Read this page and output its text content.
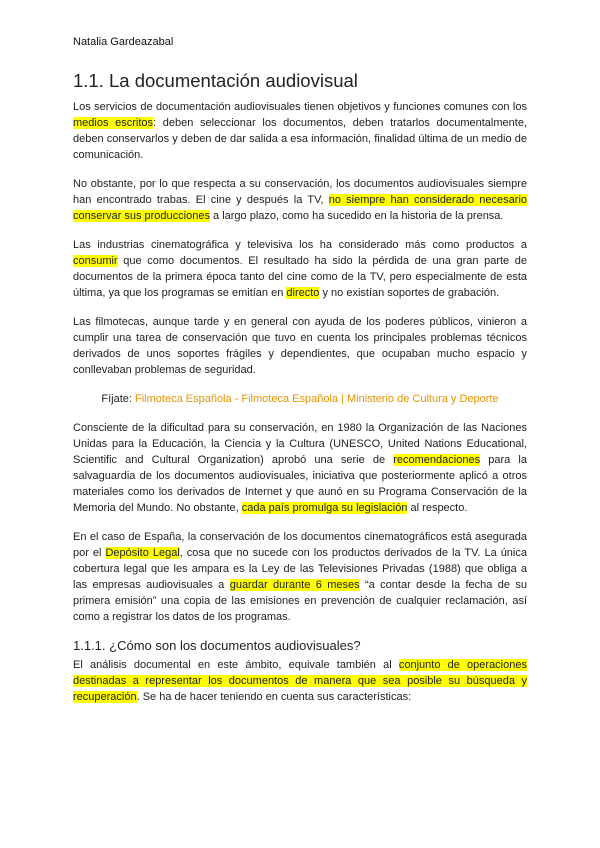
Natalia Gardeazabal
1.1. La documentación audiovisual

Los servicios de documentación audiovisuales tienen objetivos y funciones comunes con los medios escritos: deben seleccionar los documentos, deben tratarlos documentalmente, deben conservarlos y deben de dar salida a esa información, finalidad última de un medio de comunicación.

No obstante, por lo que respecta a su conservación, los documentos audiovisuales siempre han encontrado trabas. El cine y después la TV, no siempre han considerado necesario conservar sus producciones a largo plazo, como ha sucedido en la historia de la prensa.

Las industrias cinematográfica y televisiva los ha considerado más como productos a consumir que como documentos. El resultado ha sido la pérdida de una gran parte de documentos de la primera época tanto del cine como de la TV, pero especialmente de esta última, ya que los programas se emitían en directo y no existían soportes de grabación.

Las filmotecas, aunque tarde y en general con ayuda de los poderes públicos, vinieron a cumplir una tarea de conservación que tuvo en cuenta los principales problemas técnicos derivados de unos soportes frágiles y dependientes, que ocupaban mucho espacio y conllevaban problemas de seguridad.

Fíjate: Filmoteca Española - Filmoteca Española | Ministerio de Cultura y Deporte

Consciente de la dificultad para su conservación, en 1980 la Organización de las Naciones Unidas para la Educación, la Ciencia y la Cultura (UNESCO, United Nations Educational, Scientific and Cultural Organization) aprobó una serie de recomendaciones para la salvaguardia de los documentos audiovisuales, iniciativa que posteriormente aplicó a otros materiales como los derivados de Internet y que aunó en su Programa Conservación de la Memoria del Mundo. No obstante, cada país promulga su legislación al respecto.

En el caso de España, la conservación de los documentos cinematográficos está asegurada por el Depósito Legal, cosa que no sucede con los productos derivados de la TV. La única cobertura legal que les ampara es la Ley de las Televisiones Privadas (1988) que obliga a las empresas audiovisuales a guardar durante 6 meses “a contar desde la fecha de su primera emisión” una copia de las emisiones en prevención de cualquier reclamación, así como a registrar los datos de los programas.

1.1.1. ¿Cómo son los documentos audiovisuales?

El análisis documental en este ámbito, equivale también al conjunto de operaciones destinadas a representar los documentos de manera que sea posible su búsqueda y recuperación. Se ha de hacer teniendo en cuenta sus características:
